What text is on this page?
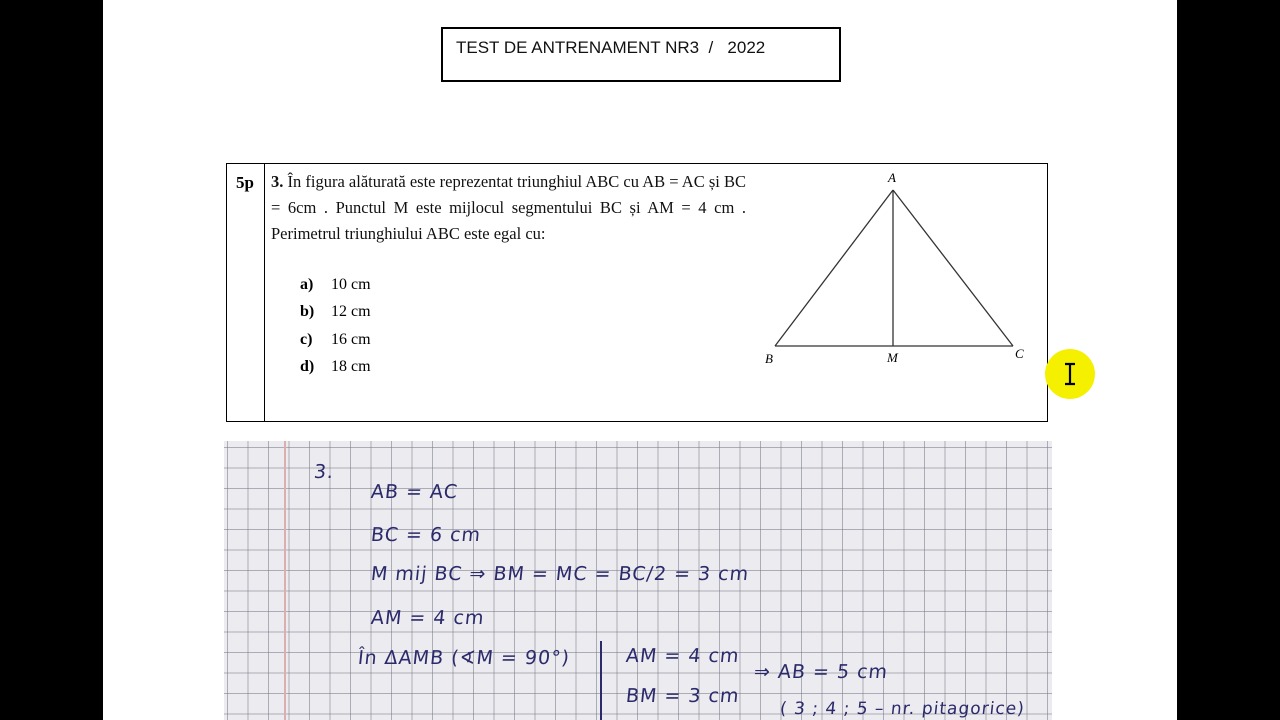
TEST DE ANTRENAMENT NR3  /   2022
5p 3. În figura alăturată este reprezentat triunghiul ABC cu AB = AC și BC = 6cm . Punctul M este mijlocul segmentului BC și AM = 4 cm . Perimetrul triunghiului ABC este egal cu:
a)	10 cm
b)	12 cm
c)	16 cm
d)	18 cm
A
B	C
M
3.
AB = AC
BC = 6 cm
M mij BC ⇒ BM = MC = BC/2 = 3 cm
AM = 4 cm
În ΔAMB (∢M = 90°)	AM = 4 cm
BM = 3 cm
⇒ AB = 5 cm
( 3 ; 4 ; 5 – nr. pitagorice)
